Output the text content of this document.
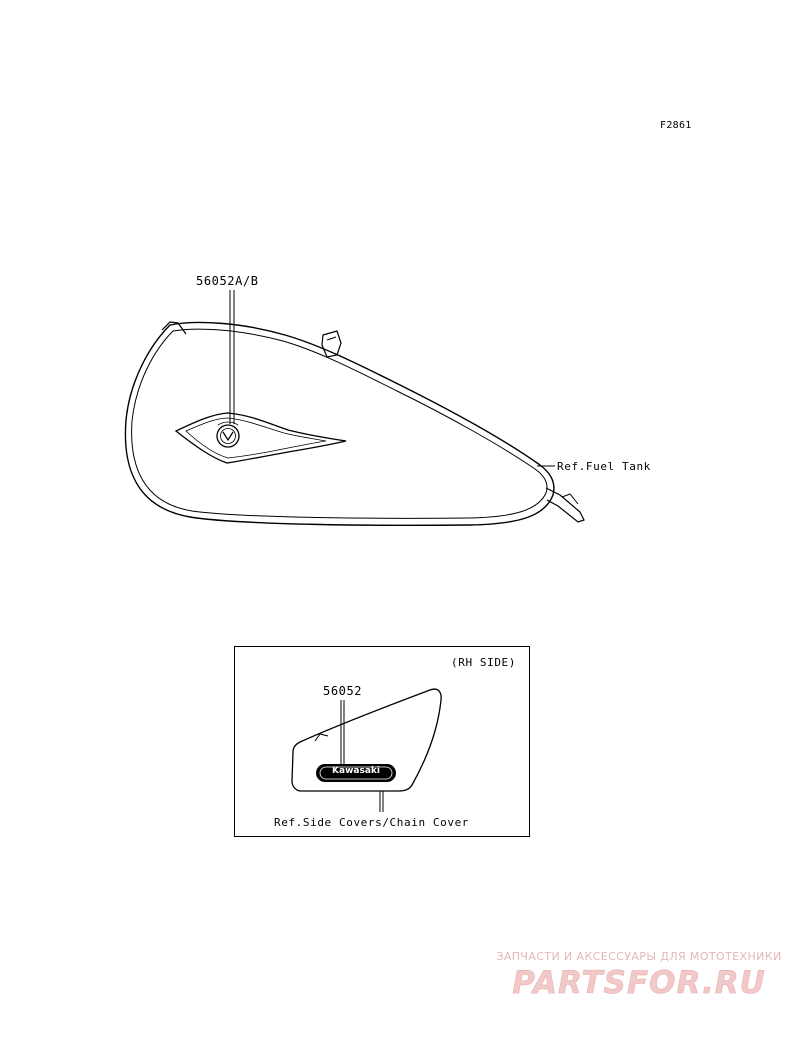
F2861
56052A/B
Ref.Fuel Tank
(RH SIDE)
56052
Kawasaki
Ref.Side Covers/Chain Cover
ЗАПЧАСТИ И АКСЕССУАРЫ ДЛЯ МОТОТЕХНИКИ
PARTSFOR.RU
